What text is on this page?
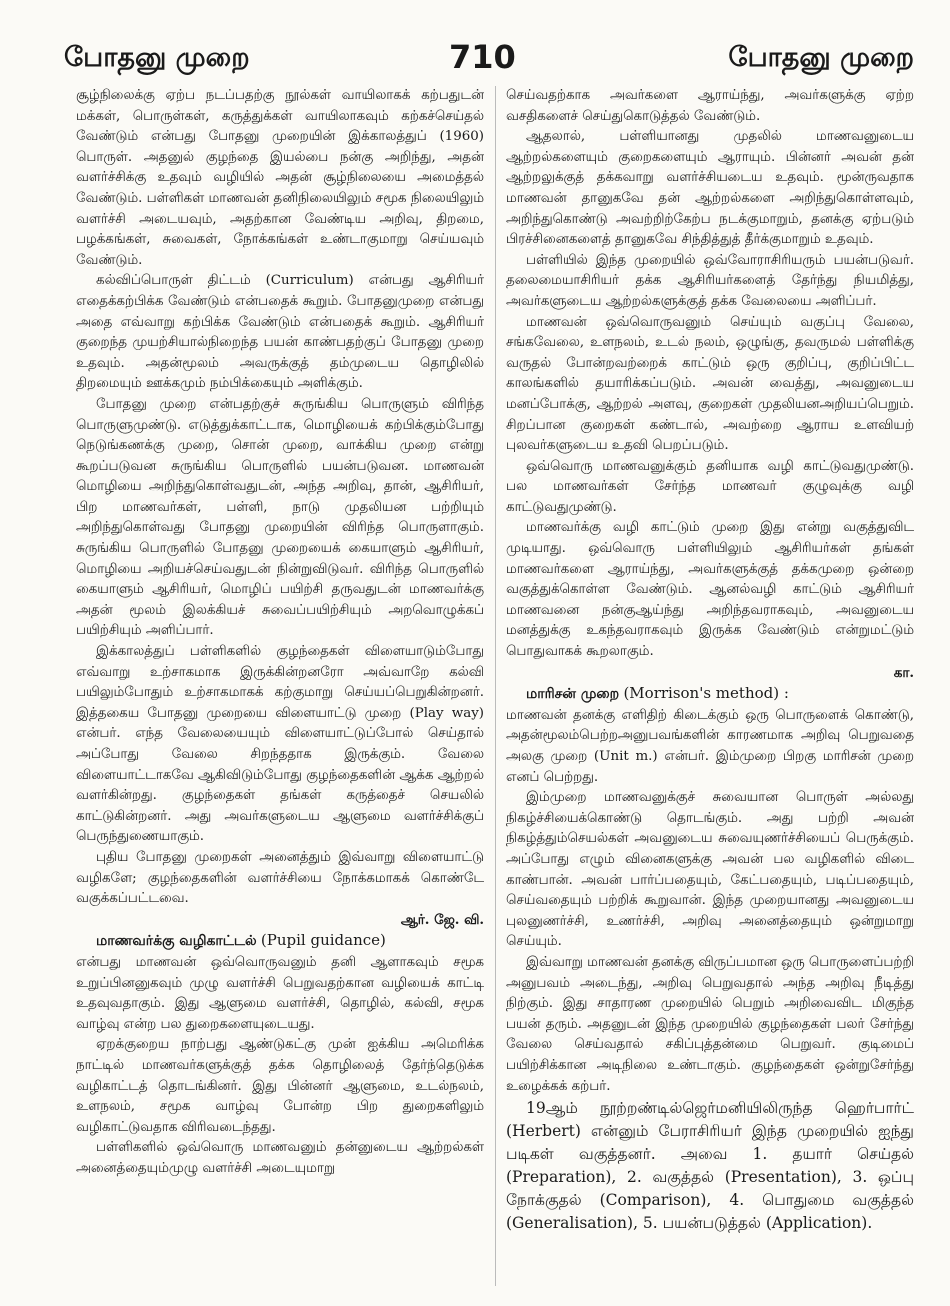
போதனு முறை	710	போதனு முறை

சூழ்நிலைக்கு ஏற்ப நடப்பதற்கு நூல்கள் வாயிலாகக் கற்பதுடன் மக்கள், பொருள்கள், கருத்துக்கள் வாயிலாகவும் கற்கச்செய்தல் வேண்டும் என்பது போதனு முறையின் இக்காலத்துப் (1960) பொருள். அதனுல் குழந்தை இயல்பை நன்கு அறிந்து, அதன் வளர்ச்சிக்கு உதவும் வழியில் அதன் சூழ்நிலையை அமைத்தல் வேண்டும். பள்ளிகள் மாணவன் தனிநிலையிலும் சமூக நிலையிலும் வளர்ச்சி அடையவும், அதற்கான வேண்டிய அறிவு, திறமை, பழக்கங்கள், சுவைகள், நோக்கங்கள் உண்டாகுமாறு செய்யவும் வேண்டும்.

கல்விப்பொருள் திட்டம் (Curriculum) என்பது ஆசிரியர் எதைக்கற்பிக்க வேண்டும் என்பதைக் கூறும். போதனுமுறை என்பது அதை எவ்வாறு கற்பிக்க வேண்டும் என்பதைக் கூறும். ஆசிரியர் குறைந்த முயற்சியால்நிறைந்த பயன் காண்பதற்குப் போதனு முறை உதவும். அதன்மூலம் அவருக்குத் தம்முடைய தொழிலில் திறமையும் ஊக்கமும் நம்பிக்கையும் அளிக்கும்.

போதனு முறை என்பதற்குச் சுருங்கிய பொருளும் விரிந்த பொருளுமுண்டு. எடுத்துக்காட்டாக, மொழியைக் கற்பிக்கும்போது நெடுங்கணக்கு முறை, சொன் முறை, வாக்கிய முறை என்று கூறப்படுவன சுருங்கிய பொருளில் பயன்படுவன. மாணவன் மொழியை அறிந்துகொள்வதுடன், அந்த அறிவு, தான், ஆசிரியர், பிற மாணவர்கள், பள்ளி, நாடு முதலியன பற்றியும் அறிந்துகொள்வது போதனு முறையின் விரிந்த பொருளாகும். சுருங்கிய பொருளில் போதனு முறையைக் கையாளும் ஆசிரியர், மொழியை அறியச்செய்வதுடன் நின்றுவிடுவர். விரிந்த பொருளில் கையாளும் ஆசிரியர், மொழிப் பயிற்சி தருவதுடன் மாணவர்க்கு அதன் மூலம் இலக்கியச் சுவைப்பயிற்சியும் அறவொழுக்கப் பயிற்சியும் அளிப்பார்.

இக்காலத்துப் பள்ளிகளில் குழந்தைகள் விளையாடும்போது எவ்வாறு உற்சாகமாக இருக்கின்றனரோ அவ்வாறே கல்வி பயிலும்போதும் உற்சாகமாகக் கற்குமாறு செய்யப்பெறுகின்றனர். இத்தகைய போதனு முறையை விளையாட்டு முறை (Play way) என்பர். எந்த வேலையையும் விளையாட்டுப்போல் செய்தால் அப்போது வேலை சிறந்ததாக இருக்கும். வேலை விளையாட்டாகவே ஆகிவிடும்போது குழந்தைகளின் ஆக்க ஆற்றல் வளர்கின்றது. குழந்தைகள் தங்கள் கருத்தைச் செயலில் காட்டுகின்றனர். அது அவர்களுடைய ஆளுமை வளர்ச்சிக்குப் பெருந்துணையாகும்.

புதிய போதனு முறைகள் அனைத்தும் இவ்வாறு விளையாட்டு வழிகளே; குழந்தைகளின் வளர்ச்சியை நோக்கமாகக் கொண்டே வகுக்கப்பட்டவை.

ஆர். ஜே. வி.

மாணவர்க்கு வழிகாட்டல் (Pupil guidance)

என்பது மாணவன் ஒவ்வொருவனும் தனி ஆளாகவும் சமூக உறுப்பினனுகவும் முழு வளர்ச்சி பெறுவதற்கான வழியைக் காட்டி உதவுவதாகும். இது ஆளுமை வளர்ச்சி, தொழில், கல்வி, சமூக வாழ்வு என்ற பல துறைகளையுடையது.

ஏறக்குறைய நாற்பது ஆண்டுகட்கு முன் ஐக்கிய அமெரிக்க நாட்டில் மாணவர்களுக்குத் தக்க தொழிலைத் தேர்ந்தெடுக்க வழிகாட்டத் தொடங்கினர். இது பின்னர் ஆளுமை, உடல்நலம், உளநலம், சமூக வாழ்வு போன்ற பிற துறைகளிலும் வழிகாட்டுவதாக விரிவடைந்தது.

பள்ளிகளில் ஒவ்வொரு மாணவனும் தன்னுடைய ஆற்றல்கள் அனைத்தையும்முழு வளர்ச்சி அடையுமாறு

செய்வதற்காக அவர்களை ஆராய்ந்து, அவர்களுக்கு ஏற்ற வசதிகளைச் செய்துகொடுத்தல் வேண்டும்.

ஆதலால், பள்ளியானது முதலில் மாணவனுடைய ஆற்றல்களையும் குறைகளையும் ஆராயும். பின்னர் அவன் தன் ஆற்றலுக்குத் தக்கவாறு வளர்ச்சியடைய உதவும். மூன்ருவதாக மாணவன் தானுகவே தன் ஆற்றல்களை அறிந்துகொள்ளவும், அறிந்துகொண்டு அவற்றிற்கேற்ப நடக்குமாறும், தனக்கு ஏற்படும் பிரச்சினைகளைத் தானுகவே சிந்தித்துத் தீர்க்குமாறும் உதவும்.

பள்ளியில் இந்த முறையில் ஒவ்வோராசிரியரும் பயன்படுவர். தலைமையாசிரியர் தக்க ஆசிரியர்களைத் தேர்ந்து நியமித்து, அவர்களுடைய ஆற்றல்களுக்குத் தக்க வேலையை அளிப்பர்.

மாணவன் ஒவ்வொருவனும் செய்யும் வகுப்பு வேலை, சங்கவேலை, உளநலம், உடல் நலம், ஒழுங்கு, தவருமல் பள்ளிக்கு வருதல் போன்றவற்றைக் காட்டும் ஒரு குறிப்பு, குறிப்பிட்ட காலங்களில் தயாரிக்கப்படும். அவன் வைத்து, அவனுடைய மனப்போக்கு, ஆற்றல் அளவு, குறைகள் முதலியனஅறியப்பெறும். சிறப்பான குறைகள் கண்டால், அவற்றை ஆராய உளவியற் புலவர்களுடைய உதவி பெறப்படும்.

ஒவ்வொரு மாணவனுக்கும் தனியாக வழி காட்டுவதுமுண்டு. பல மாணவர்கள் சேர்ந்த மாணவர் குழுவுக்கு வழி காட்டுவதுமுண்டு.

மாணவர்க்கு வழி காட்டும் முறை இது என்று வகுத்துவிட முடியாது. ஒவ்வொரு பள்ளியிலும் ஆசிரியர்கள் தங்கள் மாணவர்களை ஆராய்ந்து, அவர்களுக்குத் தக்கமுறை ஒன்றை வகுத்துக்கொள்ள வேண்டும். ஆனல்வழி காட்டும் ஆசிரியர் மாணவனை நன்குஆய்ந்து அறிந்தவராகவும், அவனுடைய மனத்துக்கு உகந்தவராகவும் இருக்க வேண்டும் என்றுமட்டும் பொதுவாகக் கூறலாகும்.

கா.

மாரிசன் முறை (Morrison's method) :

மாணவன் தனக்கு எளிதிற் கிடைக்கும் ஒரு பொருளைக் கொண்டு, அதன்மூலம்பெற்றஅனுபவங்களின் காரணமாக அறிவு பெறுவதை அலகு முறை (Unit m.) என்பர். இம்முறை பிறகு மாரிசன் முறை எனப் பெற்றது.

இம்முறை மாணவனுக்குச் சுவையான பொருள் அல்லது நிகழ்ச்சியைக்கொண்டு தொடங்கும். அது பற்றி அவன் நிகழ்த்தும்செயல்கள் அவனுடைய சுவையுணர்ச்சியைப் பெருக்கும். அப்போது எழும் வினைகளுக்கு அவன் பல வழிகளில் விடை காண்பான். அவன் பார்ப்பதையும், கேட்பதையும், படிப்பதையும், செய்வதையும் பற்றிக் கூறுவான். இந்த முறையானது அவனுடைய புலனுணர்ச்சி, உணர்ச்சி, அறிவு அனைத்தையும் ஒன்றுமாறு செய்யும்.

இவ்வாறு மாணவன் தனக்கு விருப்பமான ஒரு பொருளைப்பற்றி அனுபவம் அடைந்து, அறிவு பெறுவதால் அந்த அறிவு நீடித்து நிற்கும். இது சாதாரண முறையில் பெறும் அறிவைவிட மிகுந்த பயன் தரும். அதனுடன் இந்த முறையில் குழந்தைகள் பலர் சேர்ந்து வேலை செய்வதால் சகிப்புத்தன்மை பெறுவர். குடிமைப் பயிற்சிக்கான அடிநிலை உண்டாகும். குழந்தைகள் ஒன்றுசேர்ந்து உழைக்கக் கற்பர்.

19ஆம் நூற்றண்டில்ஜெர்மனியிலிருந்த ஹெர்பார்ட் (Herbert) என்னும் பேராசிரியர் இந்த முறையில் ஐந்து படிகள் வகுத்தனர். அவை 1. தயார் செய்தல் (Preparation), 2. வகுத்தல் (Presentation), 3. ஒப்பு நோக்குதல் (Comparison), 4. பொதுமை வகுத்தல் (Generalisation), 5. பயன்படுத்தல் (Application).
